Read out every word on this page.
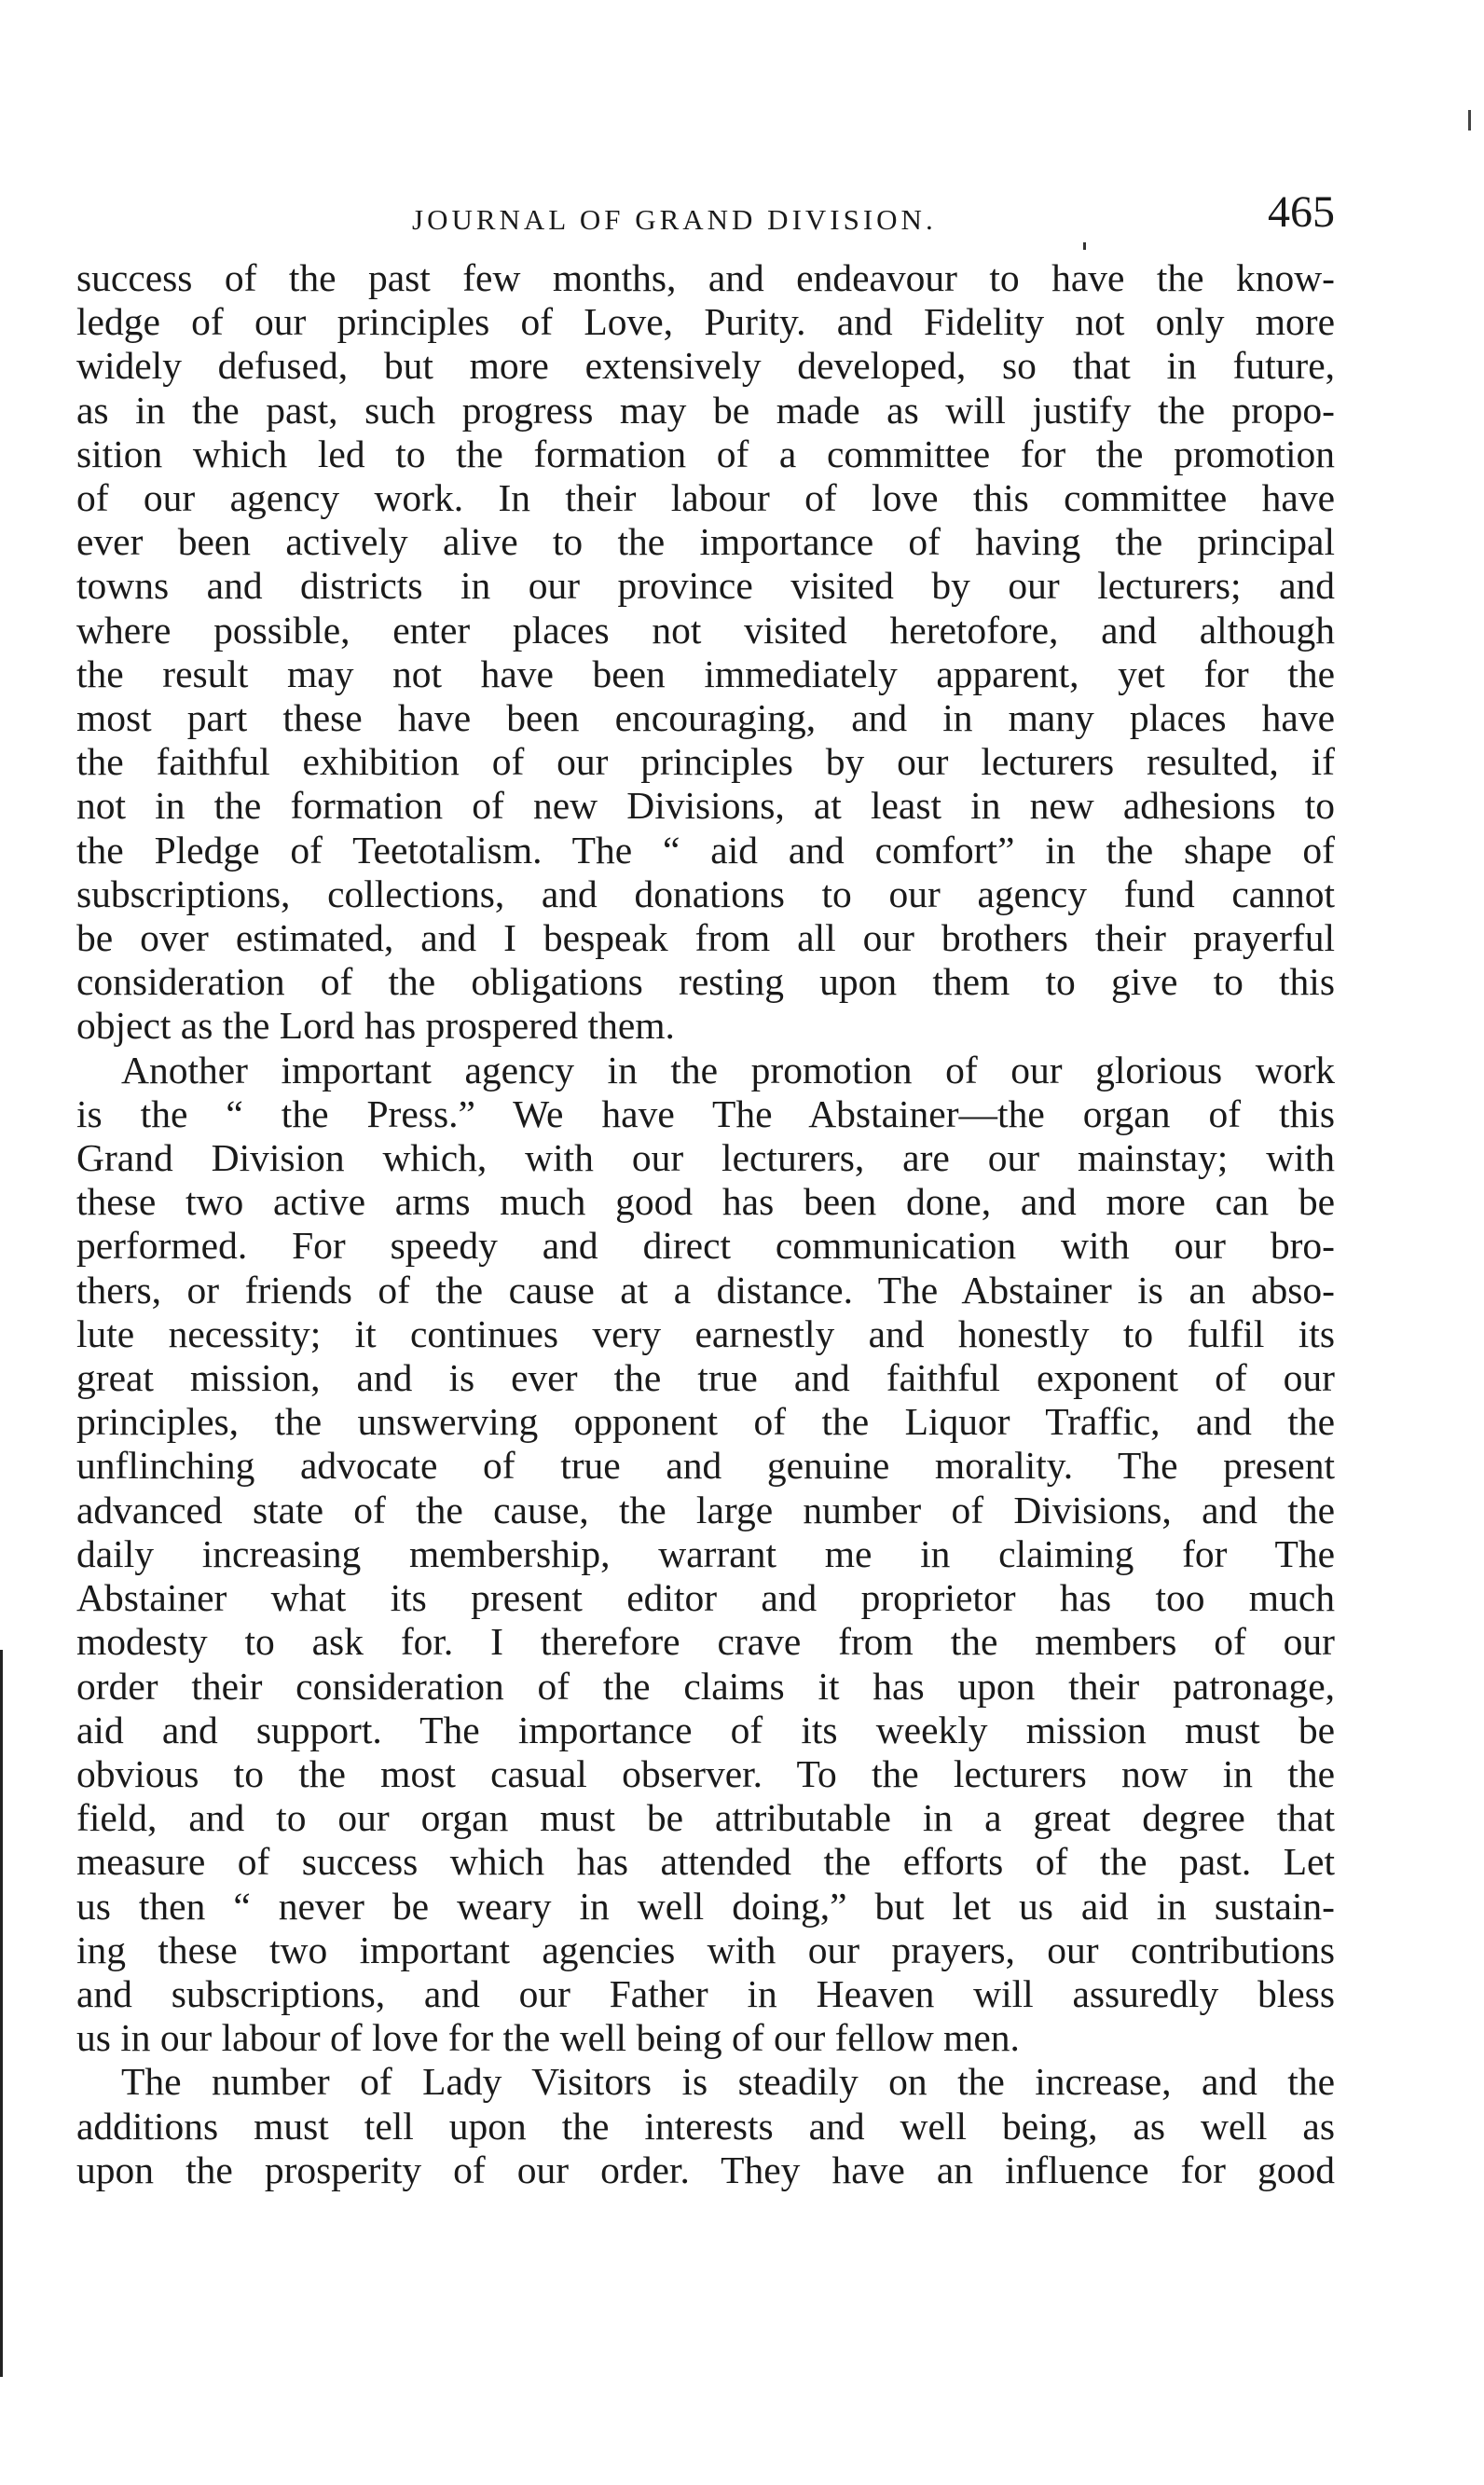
JOURNAL OF GRAND DIVISION.	465

success of the past few months, and endeavour to have the know-

ledge of our principles of Love, Purity. and Fidelity not only more

widely defused, but more extensively developed, so that in future,

as in the past, such progress may be made as will justify the propo-

sition which led to the formation of a committee for the promotion

of our agency work. In their labour of love this committee have

ever been actively alive to the importance of having the principal

towns and districts in our province visited by our lecturers; and

where possible, enter places not visited heretofore, and although

the result may not have been immediately apparent, yet for the

most part these have been encouraging, and in many places have

the faithful exhibition of our principles by our lecturers resulted, if

not in the formation of new Divisions, at least in new adhesions to

the Pledge of Teetotalism. The “ aid and comfort” in the shape of

subscriptions, collections, and donations to our agency fund cannot

be over estimated, and I bespeak from all our brothers their prayerful

consideration of the obligations resting upon them to give to this

object as the Lord has prospered them.

Another important agency in the promotion of our glorious work

is the “ the Press.” We have The Abstainer—the organ of this

Grand Division which, with our lecturers, are our mainstay; with

these two active arms much good has been done, and more can be

performed. For speedy and direct communication with our bro-

thers, or friends of the cause at a distance. The Abstainer is an abso-

lute necessity; it continues very earnestly and honestly to fulfil its

great mission, and is ever the true and faithful exponent of our

principles, the unswerving opponent of the Liquor Traffic, and the

unflinching advocate of true and genuine morality. The present

advanced state of the cause, the large number of Divisions, and the

daily increasing membership, warrant me in claiming for The

Abstainer what its present editor and proprietor has too much

modesty to ask for. I therefore crave from the members of our

order their consideration of the claims it has upon their patronage,

aid and support. The importance of its weekly mission must be

obvious to the most casual observer. To the lecturers now in the

field, and to our organ must be attributable in a great degree that

measure of success which has attended the efforts of the past. Let

us then “ never be weary in well doing,” but let us aid in sustain-

ing these two important agencies with our prayers, our contributions

and subscriptions, and our Father in Heaven will assuredly bless

us in our labour of love for the well being of our fellow men.

The number of Lady Visitors is steadily on the increase, and the

additions must tell upon the interests and well being, as well as

upon the prosperity of our order. They have an influence for good
